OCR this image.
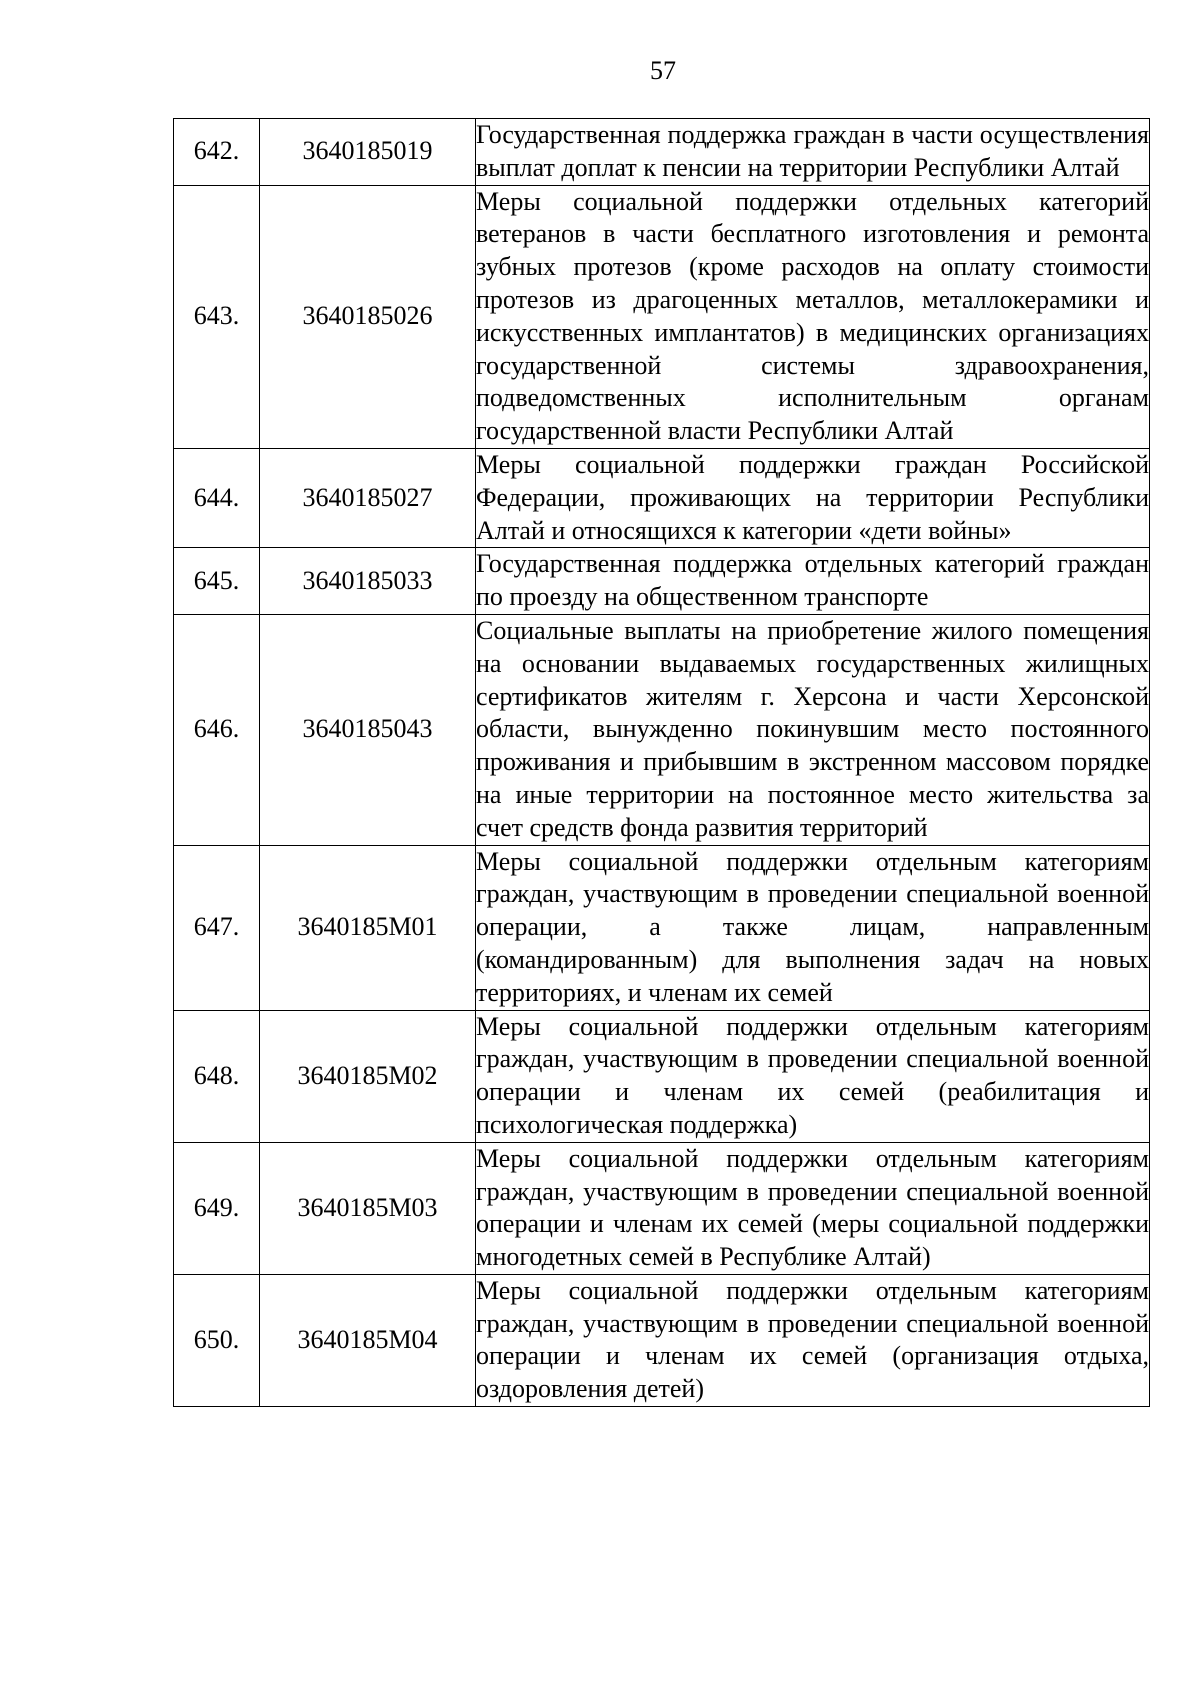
57
642.	3640185019	Государственная поддержка граждан в части осуществления выплат доплат к пенсии на территории Республики Алтай
643.	3640185026	Меры социальной поддержки отдельных категорий ветеранов в части бесплатного изготовления и ремонта зубных протезов (кроме расходов на оплату стоимости протезов из драгоценных металлов, металлокерамики и искусственных имплантатов) в медицинских организациях государственной системы здравоохранения, подведомственных исполнительным органам государственной власти Республики Алтай
644.	3640185027	Меры социальной поддержки граждан Российской Федерации, проживающих на территории Республики Алтай и относящихся к категории «дети войны»
645.	3640185033	Государственная поддержка отдельных категорий граждан по проезду на общественном транспорте
646.	3640185043	Социальные выплаты на приобретение жилого помещения на основании выдаваемых государственных жилищных сертификатов жителям г. Херсона и части Херсонской области, вынужденно покинувшим место постоянного проживания и прибывшим в экстренном массовом порядке на иные территории на постоянное место жительства за счет средств фонда развития территорий
647.	3640185М01	Меры социальной поддержки отдельным категориям граждан, участвующим в проведении специальной военной операции, а также лицам, направленным (командированным) для выполнения задач на новых территориях, и членам их семей
648.	3640185М02	Меры социальной поддержки отдельным категориям граждан, участвующим в проведении специальной военной операции и членам их семей (реабилитация и психологическая поддержка)
649.	3640185М03	Меры социальной поддержки отдельным категориям граждан, участвующим в проведении специальной военной операции и членам их семей (меры социальной поддержки многодетных семей в Республике Алтай)
650.	3640185М04	Меры социальной поддержки отдельным категориям граждан, участвующим в проведении специальной военной операции и членам их семей (организация отдыха, оздоровления детей)
